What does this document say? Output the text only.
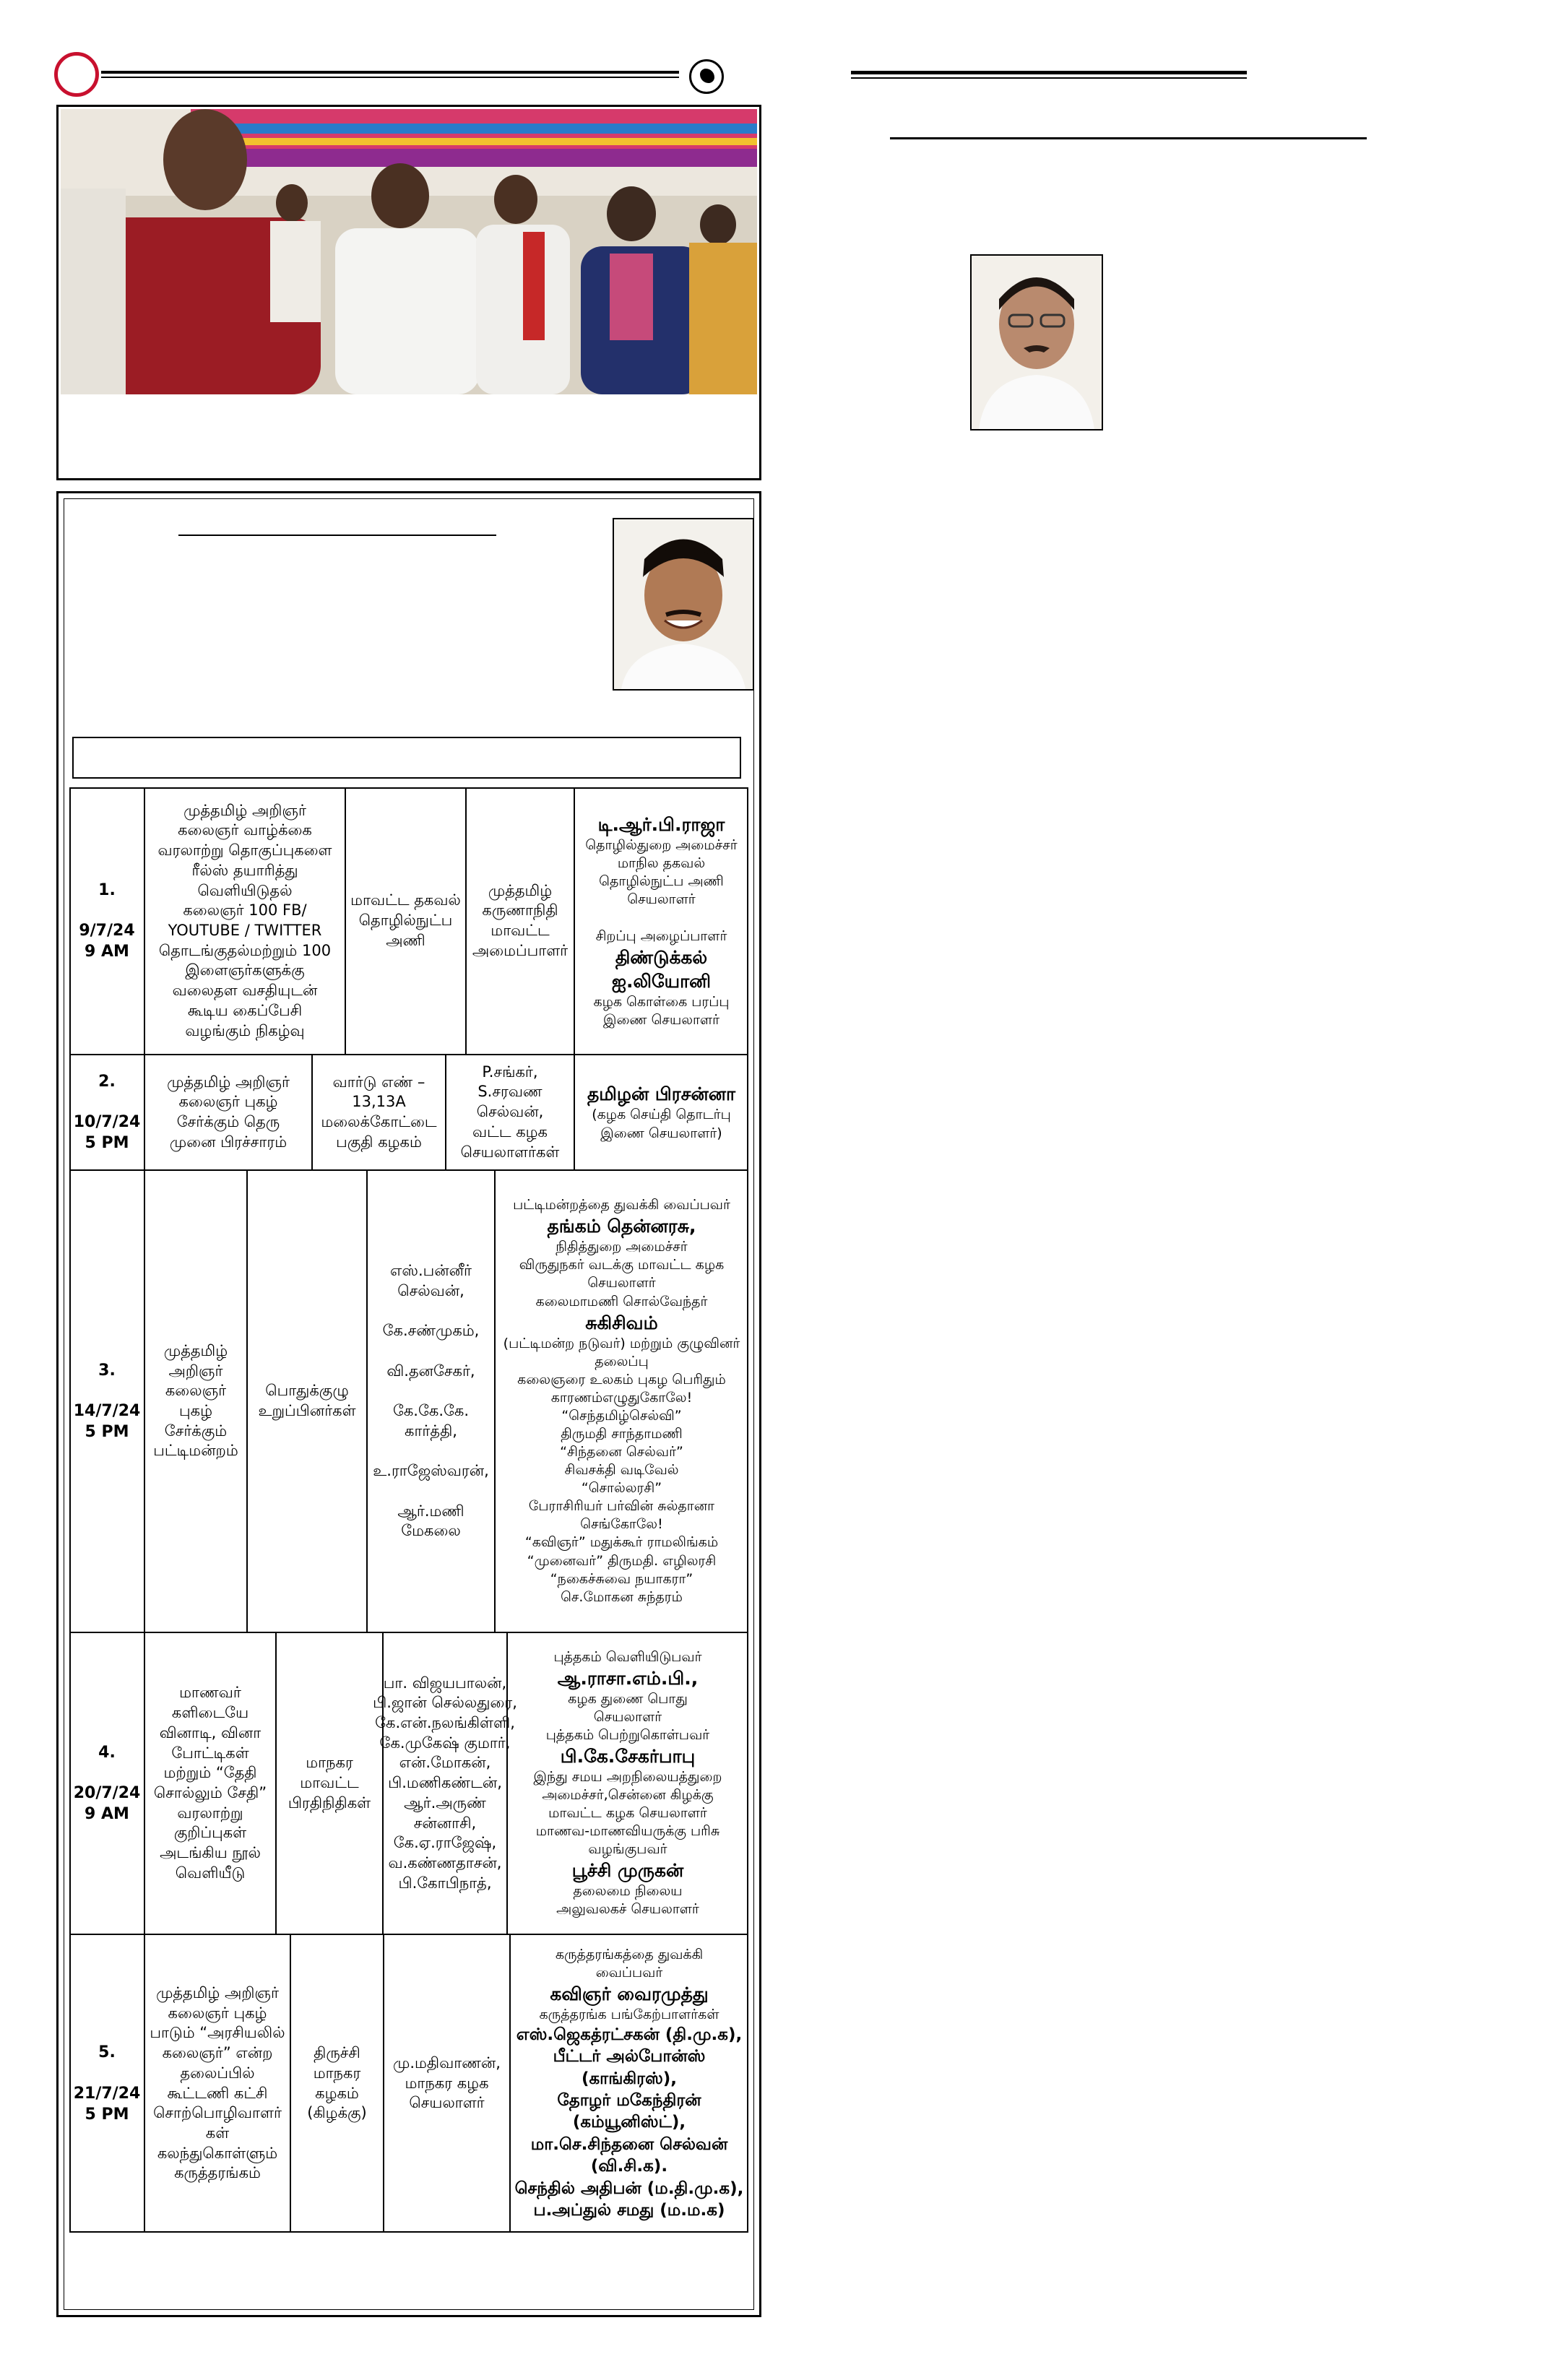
1.

9/7/24
9 AM
முத்தமிழ் அறிஞர்
கலைஞர் வாழ்க்கை
வரலாற்று தொகுப்புகளை
ரீல்ஸ் தயாரித்து
வெளியிடுதல்
கலைஞர் 100 FB/
YOUTUBE / TWITTER
தொடங்குதல்மற்றும் 100
இளைஞர்களுக்கு
வலைதள வசதியுடன்
கூடிய கைப்பேசி
வழங்கும் நிகழ்வு
மாவட்ட தகவல்
தொழில்நுட்ப
அணி
முத்தமிழ்
கருணாநிதி
மாவட்ட
அமைப்பாளர்
டி.ஆர்.பி.ராஜா
தொழில்துறை அமைச்சர்
மாநில தகவல்
தொழில்நுட்ப அணி
செயலாளர்

சிறப்பு அழைப்பாளர்
திண்டுக்கல்
ஐ.லியோனி
கழக கொள்கை பரப்பு
இணை செயலாளர்
2.

10/7/24
5 PM
முத்தமிழ் அறிஞர்
கலைஞர் புகழ்
சேர்க்கும் தெரு
முனை பிரச்சாரம்
வார்டு எண் –
13,13A
மலைக்கோட்டை
பகுதி கழகம்
P.சங்கர்,
S.சரவண
செல்வன்,
வட்ட கழக
செயலாளர்கள்
தமிழன் பிரசன்னா
(கழக செய்தி தொடர்பு
இணை செயலாளர்)
3.

14/7/24
5 PM
முத்தமிழ்
அறிஞர்
கலைஞர்
புகழ்
சேர்க்கும்
பட்டிமன்றம்
பொதுக்குழு
உறுப்பினர்கள்
எஸ்.பன்னீர்
செல்வன்,

கே.சண்முகம்,

வி.தனசேகர்,

கே.கே.கே.
கார்த்தி,

உ.ராஜேஸ்வரன்,

ஆர்.மணி
மேகலை
பட்டிமன்றத்தை துவக்கி வைப்பவர்
தங்கம் தென்னரசு,
நிதித்துறை அமைச்சர்
விருதுநகர் வடக்கு மாவட்ட கழக
செயலாளர்
கலைமாமணி சொல்வேந்தர்
சுகிசிவம்
(பட்டிமன்ற நடுவர்) மற்றும் குழுவினர்
தலைப்பு
கலைஞரை உலகம் புகழ பெரிதும்
காரணம்எழுதுகோலே!
“செந்தமிழ்செல்வி”
திருமதி சாந்தாமணி
“சிந்தனை செல்வர்”
சிவசக்தி வடிவேல்
“சொல்லரசி”
பேராசிரியர் பர்வின் சுல்தானா
செங்கோலே!
“கவிஞர்” மதுக்கூர் ராமலிங்கம்
“முனைவர்” திருமதி. எழிலரசி
“நகைச்சுவை நயாகரா”
செ.மோகன சுந்தரம்
4.

20/7/24
9 AM
மாணவர்
களிடையே
வினாடி, வினா
போட்டிகள்
மற்றும் “தேதி
சொல்லும் சேதி”
வரலாற்று
குறிப்புகள்
அடங்கிய நூல்
வெளியீடு
மாநகர
மாவட்ட
பிரதிநிதிகள்
பா. விஜயபாலன்,
பி.ஜான் செல்லதுரை,
கே.என்.நலங்கிள்ளி,
கே.முகேஷ் குமார்,
என்.மோகன்,
பி.மணிகண்டன்,
ஆர்.அருண்
சன்னாசி,
கே.ஏ.ராஜேஷ்,
வ.கண்ணதாசன்,
பி.கோபிநாத்,
புத்தகம் வெளியிடுபவர்
ஆ.ராசா.எம்.பி.,
கழக துணை பொது
செயலாளர்
புத்தகம் பெற்றுகொள்பவர்
பி.கே.சேகர்பாபு
இந்து சமய அறநிலையத்துறை
அமைச்சர்,சென்னை கிழக்கு
மாவட்ட கழக செயலாளர்
மாணவ-மாணவியருக்கு பரிசு
வழங்குபவர்
பூச்சி முருகன்
தலைமை நிலைய
அலுவலகச் செயலாளர்
5.

21/7/24
5 PM
முத்தமிழ் அறிஞர்
கலைஞர் புகழ்
பாடும் “அரசியலில்
கலைஞர்” என்ற
தலைப்பில்
கூட்டணி கட்சி
சொற்பொழிவாளர்
கள்
கலந்துகொள்ளும்
கருத்தரங்கம்
திருச்சி
மாநகர
கழகம்
(கிழக்கு)
மு.மதிவாணன்,
மாநகர கழக
செயலாளர்
கருத்தரங்கத்தை துவக்கி
வைப்பவர்
கவிஞர் வைரமுத்து
கருத்தரங்க பங்கேற்பாளர்கள்
எஸ்.ஜெகத்ரட்சகன் (தி.மு.க),
பீட்டர் அல்போன்ஸ்
(காங்கிரஸ்),
தோழர் மகேந்திரன்
(கம்யூனிஸ்ட்),
மா.செ.சிந்தனை செல்வன்
(வி.சி.க).
செந்தில் அதிபன் (ம.தி.மு.க),
ப.அப்துல் சமது (ம.ம.க)
